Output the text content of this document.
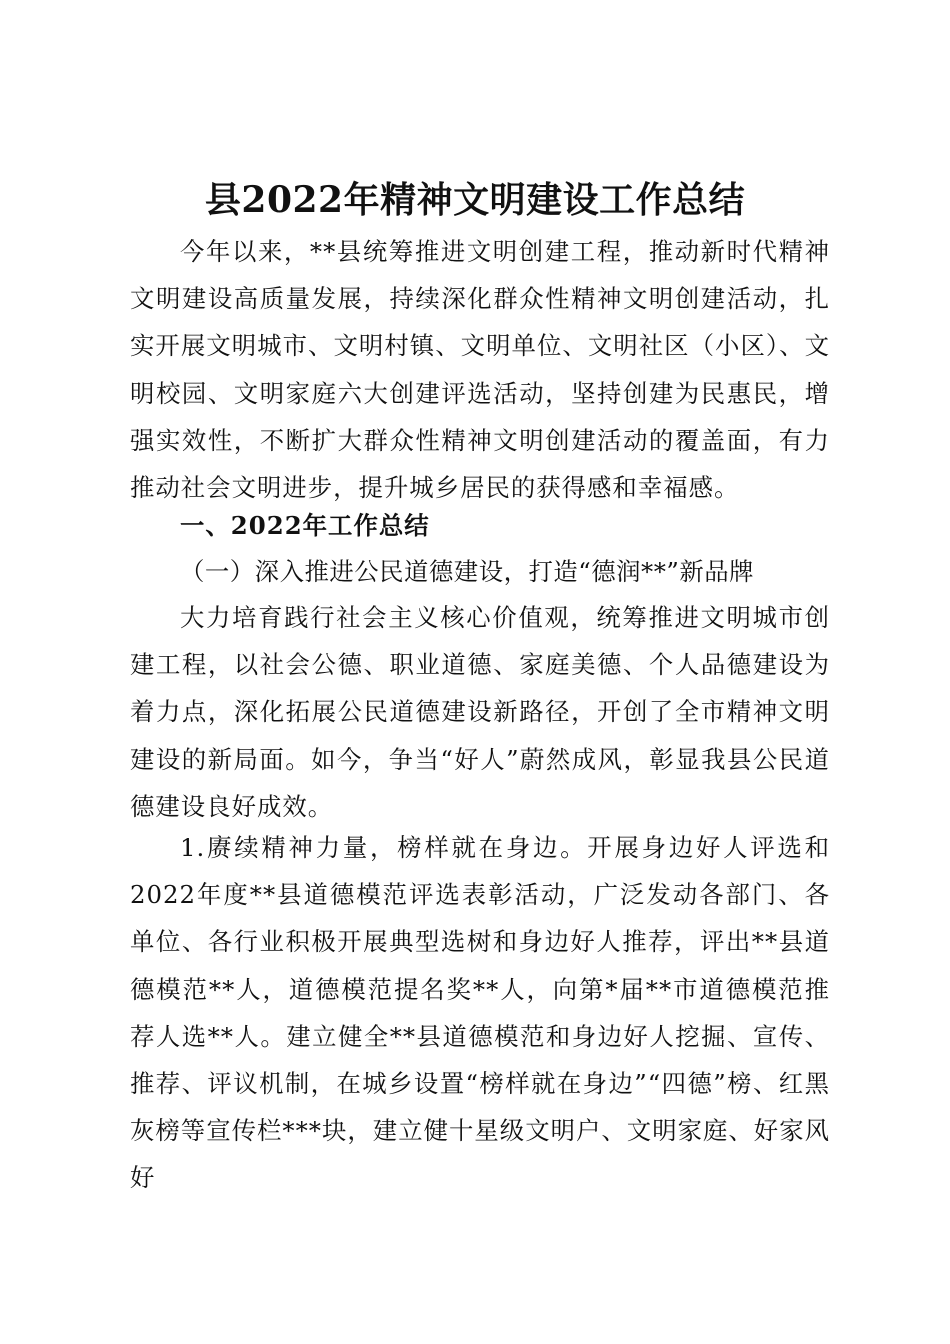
县2022年精神文明建设工作总结

今年以来，**县统筹推进文明创建工程，推动新时代精神文明建设高质量发展，持续深化群众性精神文明创建活动，扎实开展文明城市、文明村镇、文明单位、文明社区（小区）、文明校园、文明家庭六大创建评选活动，坚持创建为民惠民，增强实效性，不断扩大群众性精神文明创建活动的覆盖面，有力推动社会文明进步，提升城乡居民的获得感和幸福感。

一、2022年工作总结

（一）深入推进公民道德建设，打造“德润**”新品牌

大力培育践行社会主义核心价值观，统筹推进文明城市创建工程，以社会公德、职业道德、家庭美德、个人品德建设为着力点，深化拓展公民道德建设新路径，开创了全市精神文明建设的新局面。如今，争当“好人”蔚然成风，彰显我县公民道德建设良好成效。

1.赓续精神力量，榜样就在身边。开展身边好人评选和2022年度**县道德模范评选表彰活动，广泛发动各部门、各单位、各行业积极开展典型选树和身边好人推荐，评出**县道德模范**人，道德模范提名奖**人，向第*届**市道德模范推荐人选**人。建立健全**县道德模范和身边好人挖掘、宣传、推荐、评议机制，在城乡设置“榜样就在身边”“四德”榜、红黑灰榜等宣传栏***块，建立健十星级文明户、文明家庭、好家风好
